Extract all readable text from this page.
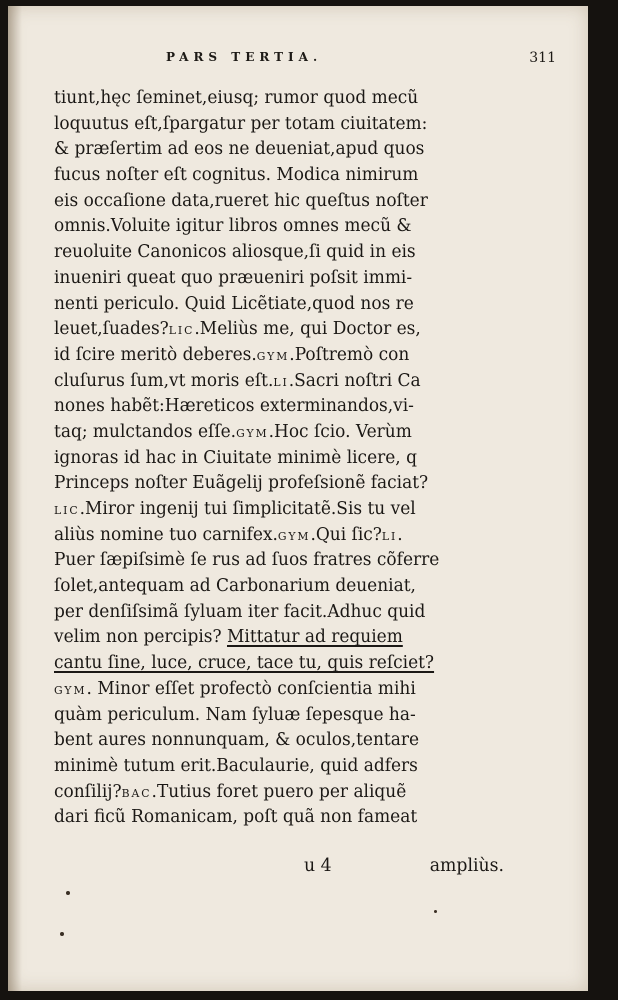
PARS TERTIA.	311
tiunt,hęc ſeminet,eiusq; rumor quod mecũ
loquutus eſt,ſpargatur per totam ciuitatem:
& præſertim ad eos ne deueniat,apud quos
fucus noſter eſt cognitus. Modica nimirum
eis occaſione data,rueret hic queſtus noſter
omnis.Voluite igitur libros omnes mecũ &
reuoluite Canonicos aliosque,ſi quid in eis
inueniri queat quo præueniri poſsit immi-
nenti periculo. Quid Licẽtiate,quod nos re
leuet,ſuades?LIC.Meliùs me, qui Doctor es,
id ſcire meritò deberes.GYM.Poſtremò con
cluſurus ſum,vt moris eſt.LI.Sacri noſtri Ca
nones habẽt:Hæreticos exterminandos,vi-
taq; mulctandos eſſe.GYM.Hoc ſcio. Verùm
ignoras id hac in Ciuitate minimè licere, q
Princeps noſter Euãgelij profeſsionẽ faciat?
LIC.Miror ingenij tui ſimplicitatẽ.Sis tu vel
aliùs nomine tuo carnifex.GYM.Qui ſic?LI.
Puer ſæpiſsimè ſe rus ad ſuos fratres cõferre
ſolet,antequam ad Carbonarium deueniat,
per denſiſsimã ſyluam iter facit.Adhuc quid
velim non percipis? Mittatur ad requiem
cantu ſine, luce, cruce, tace tu, quis reſciet?
GYM. Minor eſſet profectò conſcientia mihi
quàm periculum. Nam ſyluæ ſepesque ha-
bent aures nonnunquam, & oculos,tentare
minimè tutum erit.Baculaurie, quid adfers
conſilij?BAC.Tutius foret puero per aliquẽ
dari ficũ Romanicam, poſt quã non fameat
u 4	ampliùs.
